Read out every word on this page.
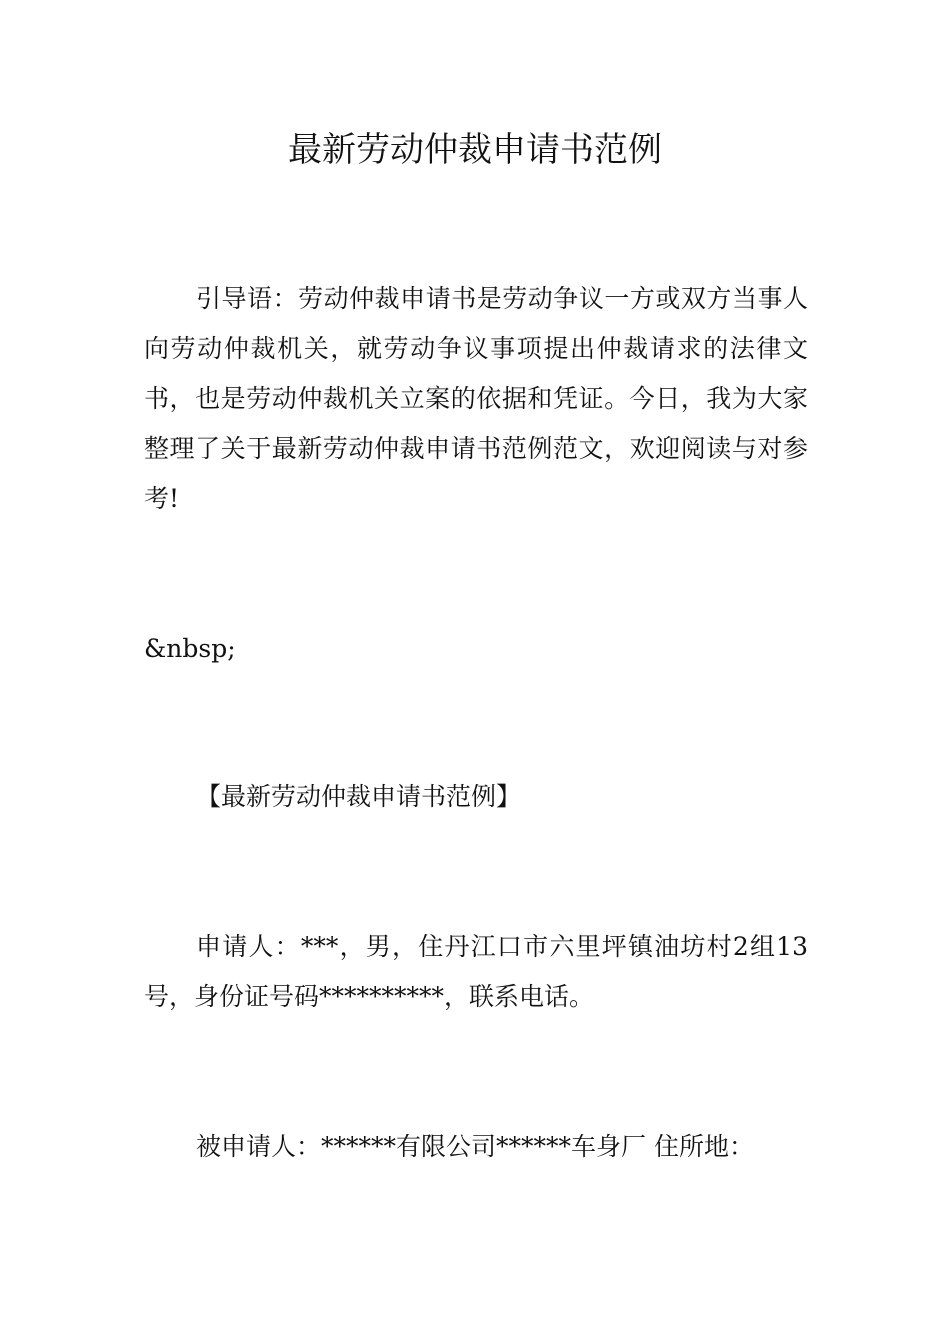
最新劳动仲裁申请书范例

引导语：劳动仲裁申请书是劳动争议一方或双方当事人向劳动仲裁机关，就劳动争议事项提出仲裁请求的法律文书，也是劳动仲裁机关立案的依据和凭证。今日，我为大家整理了关于最新劳动仲裁申请书范例范文，欢迎阅读与对参考!

&nbsp;

【最新劳动仲裁申请书范例】

申请人：***，男，住丹江口市六里坪镇油坊村2组13号，身份证号码**********，联系电话。

被申请人：******有限公司******车身厂 住所地：
